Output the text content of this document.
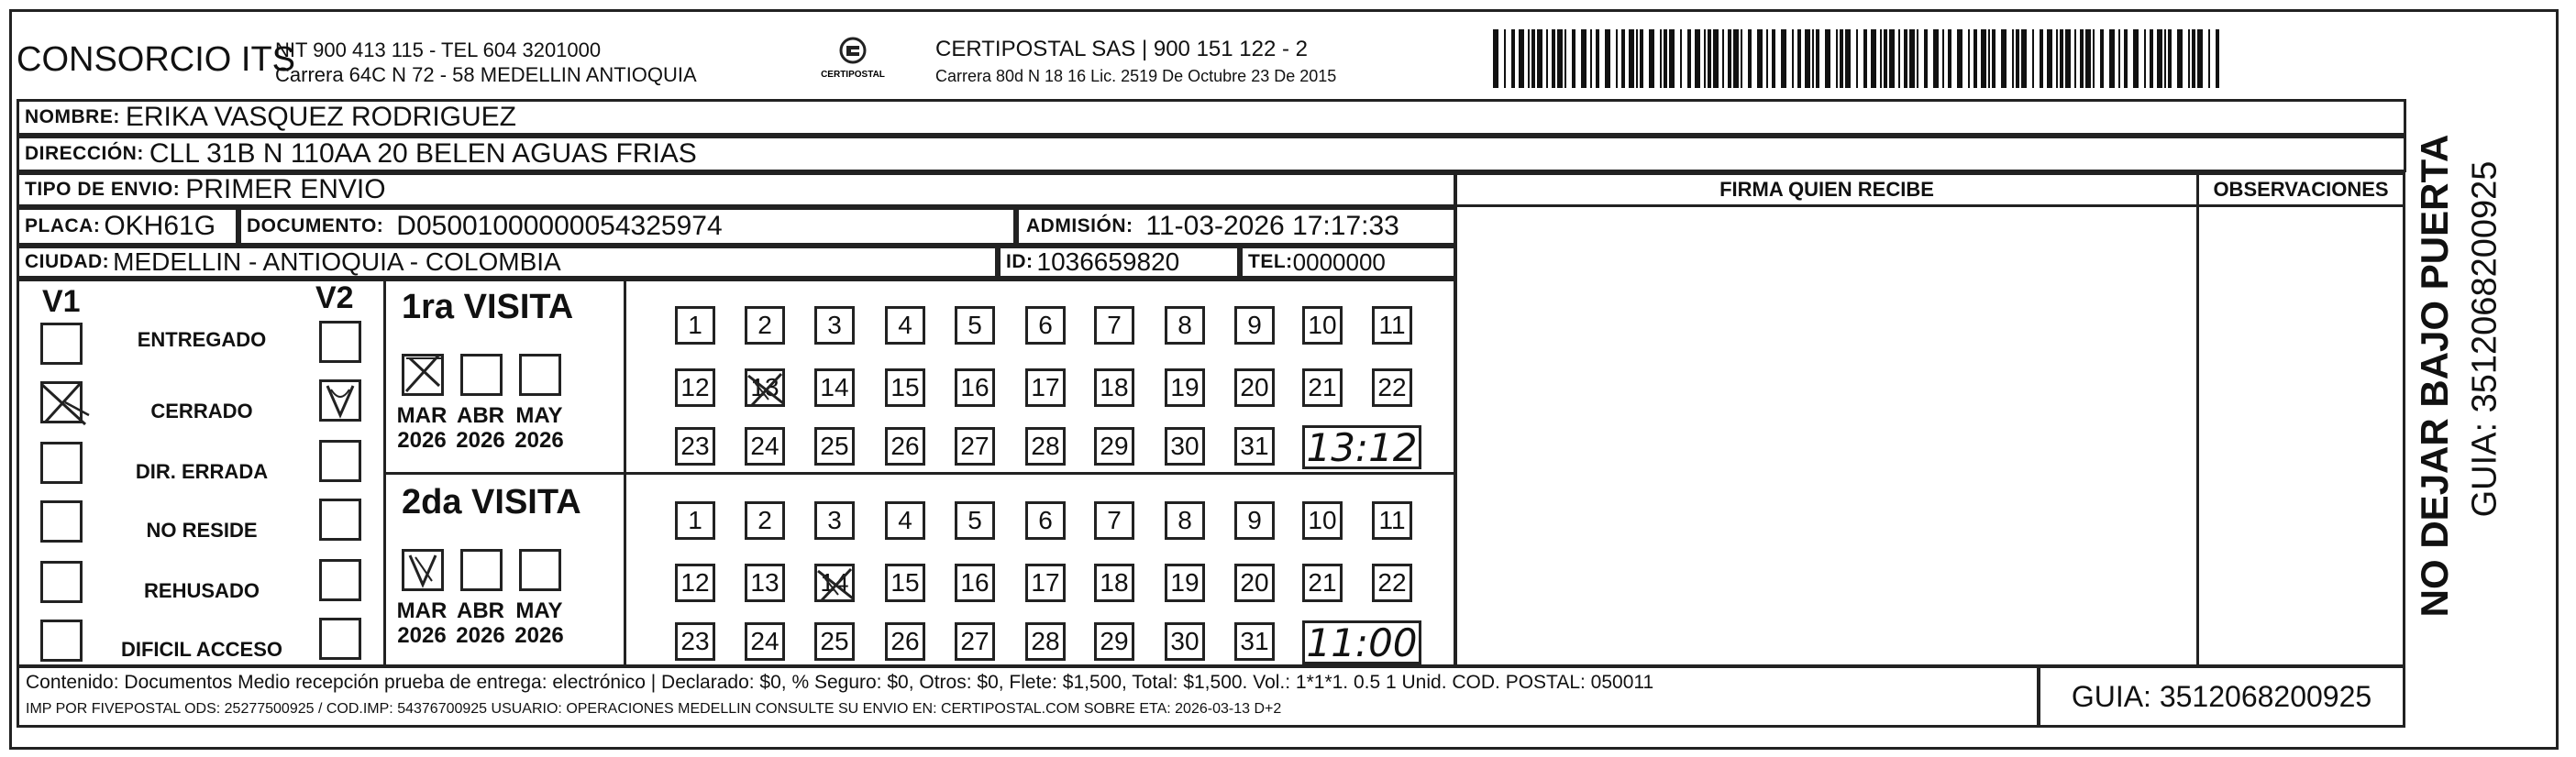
CONSORCIO ITS
NIT 900 413 115 - TEL 604 3201000
Carrera 64C N 72 - 58 MEDELLIN ANTIOQUIA	CERTIPOSTAL
CERTIPOSTAL SAS | 900 151 122 - 2
Carrera 80d N 18 16 Lic. 2519 De Octubre 23 De 2015
NOMBRE: ERIKA VASQUEZ RODRIGUEZ
DIRECCIÓN: CLL 31B N 110AA 20 BELEN AGUAS FRIAS
TIPO DE ENVIO: PRIMER ENVIO
PLACA: OKH61G DOCUMENTO: D05001000000054325974	ADMISIÓN: 11-03-2026 17:17:33
CIUDAD: MEDELLIN - ANTIOQUIA - COLOMBIA	ID: 1036659820	TEL: 0000000
FIRMA QUIEN RECIBE	OBSERVACIONES
V1	V2
ENTREGADO
CERRADO
DIR. ERRADA
NO RESIDE
REHUSADO
DIFICIL ACCESO
1ra VISITA
MAR
2026
ABR
2026
MAY
2026
1	2	3	4	5	6	7	8	9	10 11
12 13 14 15 16 17 18 19 20 21 22
23 24 25 26 27 28 29 30 31 13:12
2da VISITA
MAR
2026
ABR
2026
MAY
2026
1	2	3	4	5	6	7	8	9	10 11
12 13 14 15 16 17 18 19 20 21 22
23 24 25 26 27 28 29 30 31 11:00
Contenido: Documentos Medio recepción prueba de entrega: electrónico | Declarado: $0, % Seguro: $0, Otros: $0, Flete: $1,500, Total: $1,500. Vol.: 1*1*1. 0.5 1 Unid. COD. POSTAL: 050011
IMP POR FIVEPOSTAL ODS: 25277500925 / COD.IMP: 54376700925 USUARIO: OPERACIONES MEDELLIN CONSULTE SU ENVIO EN: CERTIPOSTAL.COM SOBRE ETA: 2026-03-13 D+2	GUIA: 3512068200925
NO DEJAR BAJO PUERTA GUIA: 3512068200925
